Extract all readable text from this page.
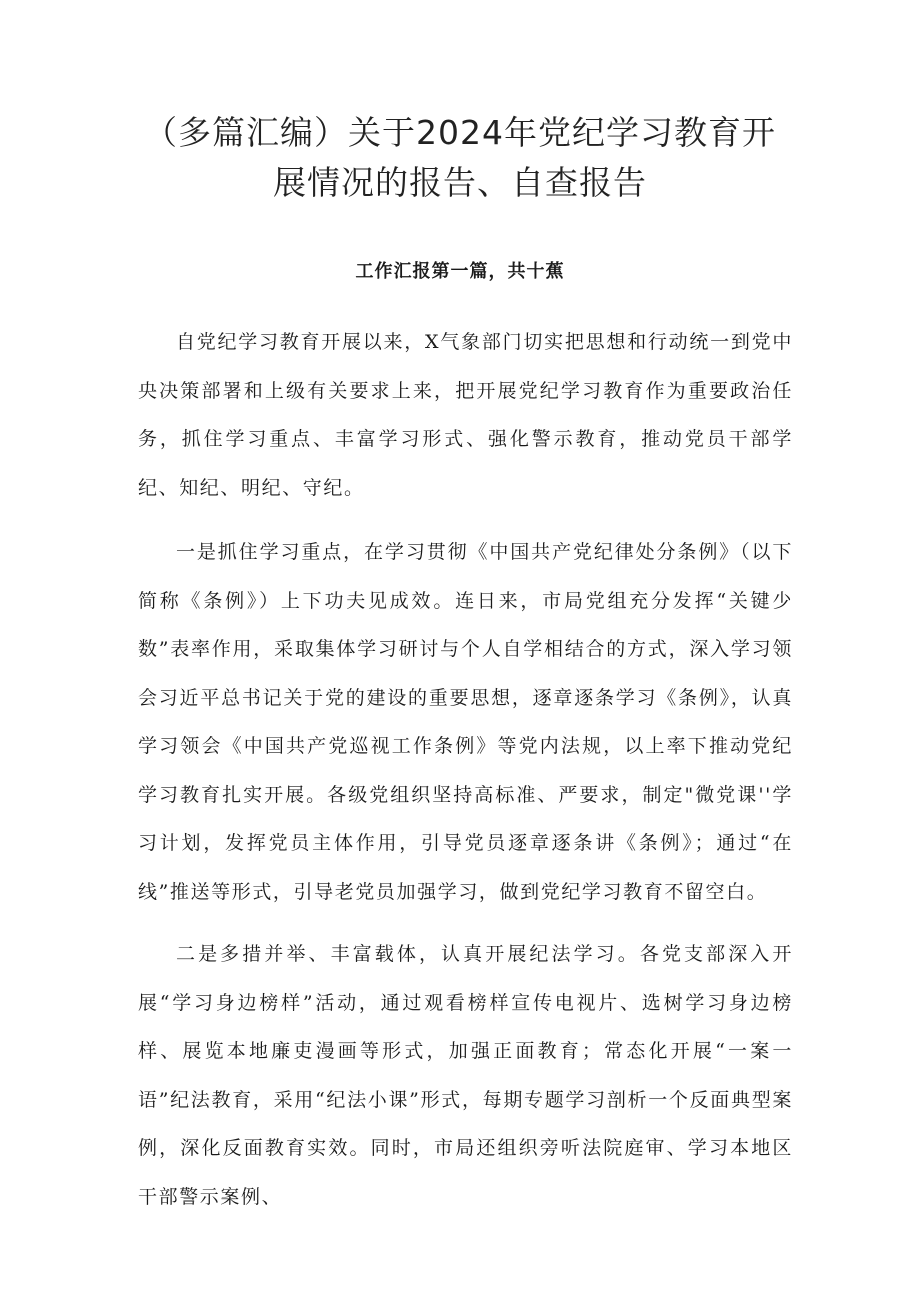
（多篇汇编）关于2024年党纪学习教育开
展情况的报告、自查报告
工作汇报第一篇，共十蕉

自党纪学习教育开展以来，X气象部门切实把思想和行动统一到党中央决策部署和上级有关要求上来，把开展党纪学习教育作为重要政治任务，抓住学习重点、丰富学习形式、强化警示教育，推动党员干部学纪、知纪、明纪、守纪。

一是抓住学习重点，在学习贯彻《中国共产党纪律处分条例》（以下简称《条例》）上下功夫见成效。连日来，市局党组充分发挥“关键少数”表率作用，采取集体学习研讨与个人自学相结合的方式，深入学习领会习近平总书记关于党的建设的重要思想，逐章逐条学习《条例》，认真学习领会《中国共产党巡视工作条例》等党内法规，以上率下推动党纪学习教育扎实开展。各级党组织坚持高标准、严要求，制定"微党课''学习计划，发挥党员主体作用，引导党员逐章逐条讲《条例》；通过“在线”推送等形式，引导老党员加强学习，做到党纪学习教育不留空白。

二是多措并举、丰富载体，认真开展纪法学习。各党支部深入开展“学习身边榜样”活动，通过观看榜样宣传电视片、选树学习身边榜样、展览本地廉吏漫画等形式，加强正面教育；常态化开展“一案一语”纪法教育，采用“纪法小课”形式，每期专题学习剖析一个反面典型案例，深化反面教育实效。同时，市局还组织旁听法院庭审、学习本地区干部警示案例、
